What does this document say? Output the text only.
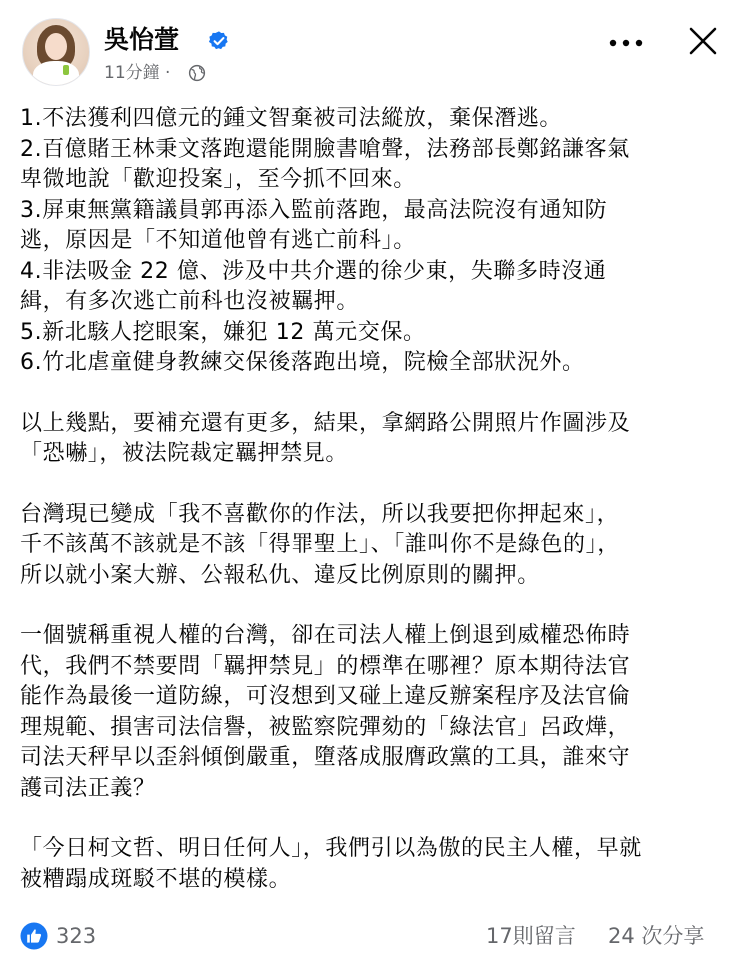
吳怡萱
11分鐘 ·

1.不法獲利四億元的鍾文智棄被司法縱放，棄保潛逃。

2.百億賭王林秉文落跑還能開臉書嗆聲，法務部長鄭銘謙客氣

卑微地說「歡迎投案」，至今抓不回來。

3.屏東無黨籍議員郭再添入監前落跑，最高法院沒有通知防

逃，原因是「不知道他曾有逃亡前科」。

4.非法吸金 22 億、涉及中共介選的徐少東，失聯多時沒通

緝，有多次逃亡前科也沒被羈押。

5.新北駭人挖眼案，嫌犯 12 萬元交保。

6.竹北虐童健身教練交保後落跑出境，院檢全部狀況外。

以上幾點，要補充還有更多，結果，拿網路公開照片作圖涉及

「恐嚇」，被法院裁定羈押禁見。

台灣現已變成「我不喜歡你的作法，所以我要把你押起來」，

千不該萬不該就是不該「得罪聖上」、「誰叫你不是綠色的」，

所以就小案大辦、公報私仇、違反比例原則的關押。

一個號稱重視人權的台灣，卻在司法人權上倒退到威權恐佈時

代，我們不禁要問「羈押禁見」的標準在哪裡？原本期待法官

能作為最後一道防線，可沒想到又碰上違反辦案程序及法官倫

理規範、損害司法信譽，被監察院彈劾的「綠法官」呂政燁，

司法天秤早以歪斜傾倒嚴重，墮落成服膺政黨的工具，誰來守

護司法正義？

「今日柯文哲、明日任何人」，我們引以為傲的民主人權，早就

被糟蹋成斑駁不堪的模樣。

323	17則留言 24 次分享
